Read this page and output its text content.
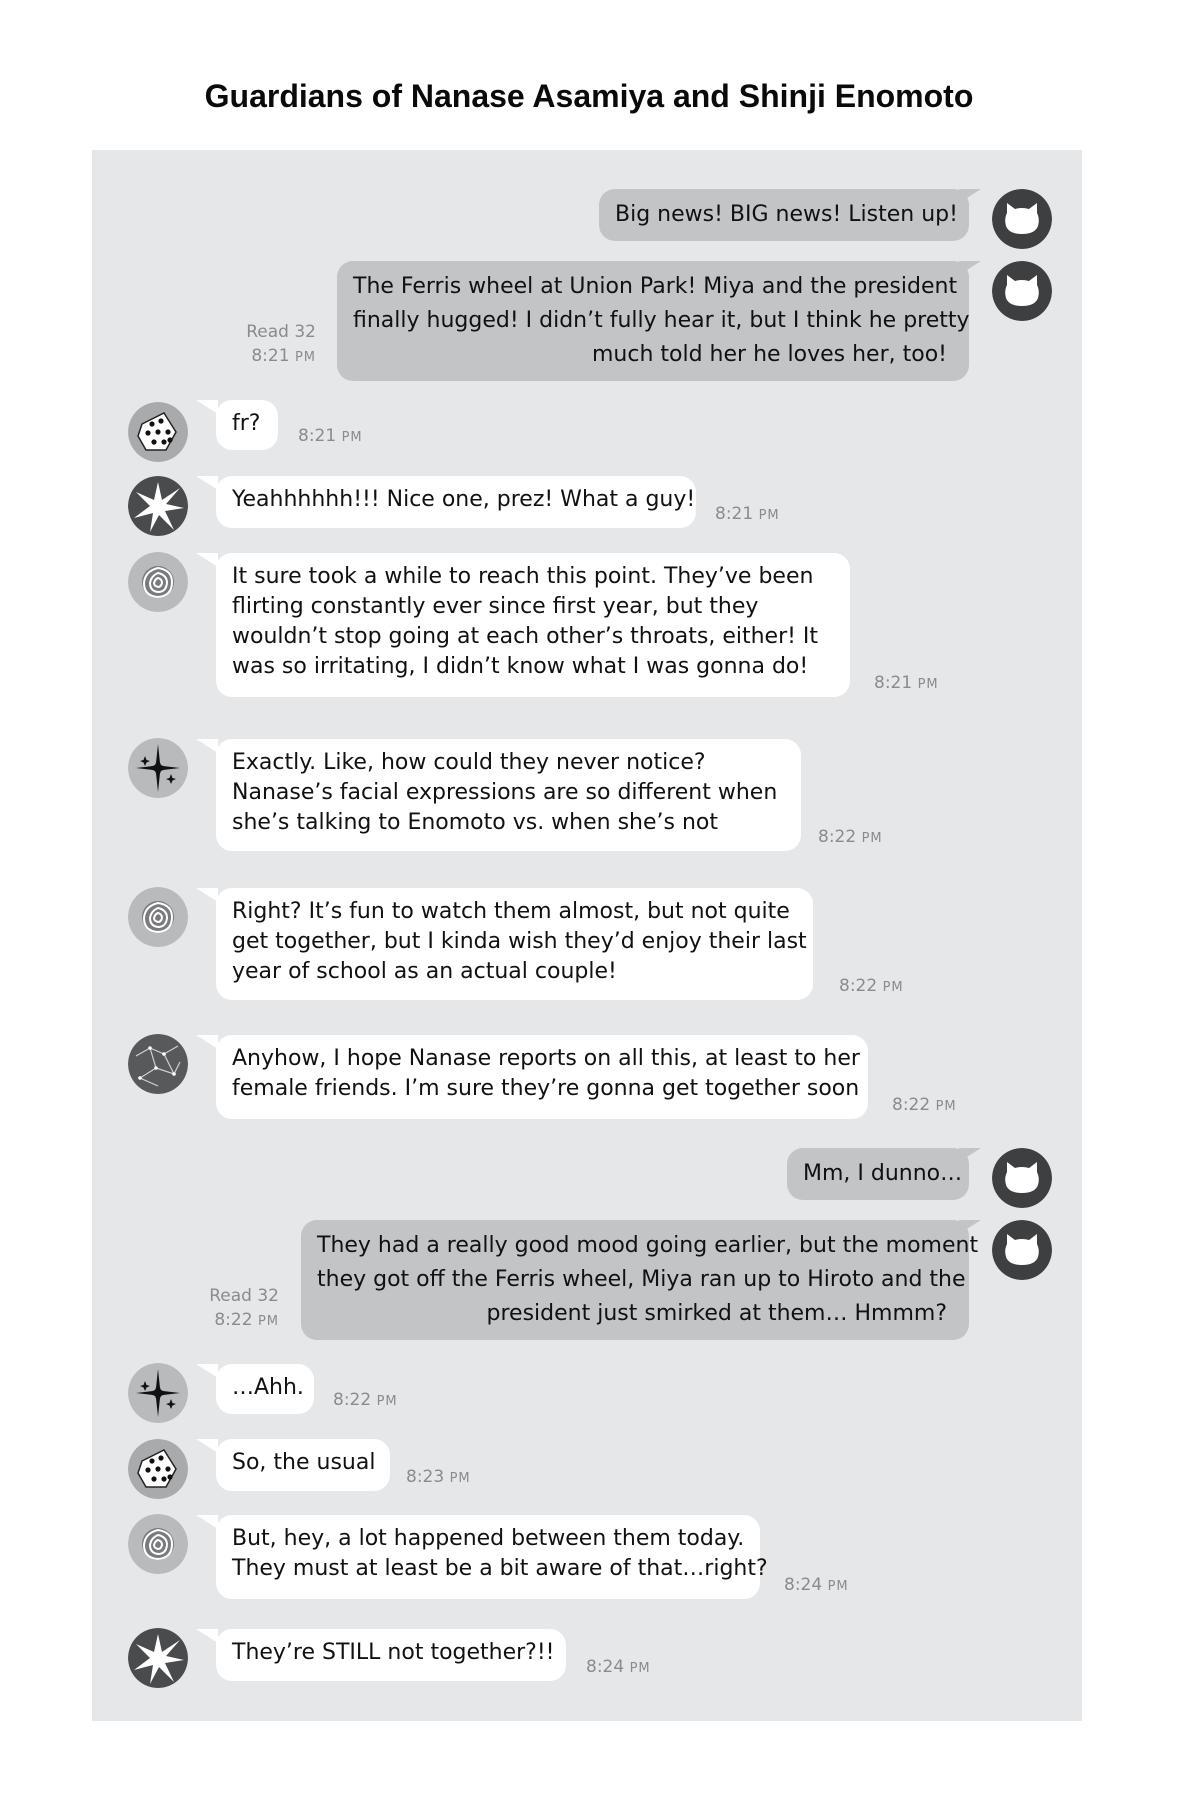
Guardians of Nanase Asamiya and Shinji Enomoto
Big news! BIG news! Listen up!
The Ferris wheel at Union Park! Miya and the president
finally hugged! I didn’t fully hear it, but I think he pretty
much told her he loves her, too!
Read 32
8:21 PM
fr? 8:21 PM
Yeahhhhhh!!! Nice one, prez! What a guy!
8:21 PM
It sure took a while to reach this point. They’ve been
flirting constantly ever since first year, but they
wouldn’t stop going at each other’s throats, either! It
was so irritating, I didn’t know what I was gonna do!
8:21 PM
Exactly. Like, how could they never notice?
Nanase’s facial expressions are so different when
she’s talking to Enomoto vs. when she’s not
8:22 PM
Right? It’s fun to watch them almost, but not quite
get together, but I kinda wish they’d enjoy their last
year of school as an actual couple!
8:22 PM
Anyhow, I hope Nanase reports on all this, at least to her
female friends. I’m sure they’re gonna get together soon
8:22 PM
Mm, I dunno…
They had a really good mood going earlier, but the moment
they got off the Ferris wheel, Miya ran up to Hiroto and the
president just smirked at them… Hmmm?
Read 32
8:22 PM
…Ahh. 8:22 PM
So, the usual
8:23 PM
But, hey, a lot happened between them today.
They must at least be a bit aware of that…right?
8:24 PM
They’re STILL not together?!!
8:24 PM
